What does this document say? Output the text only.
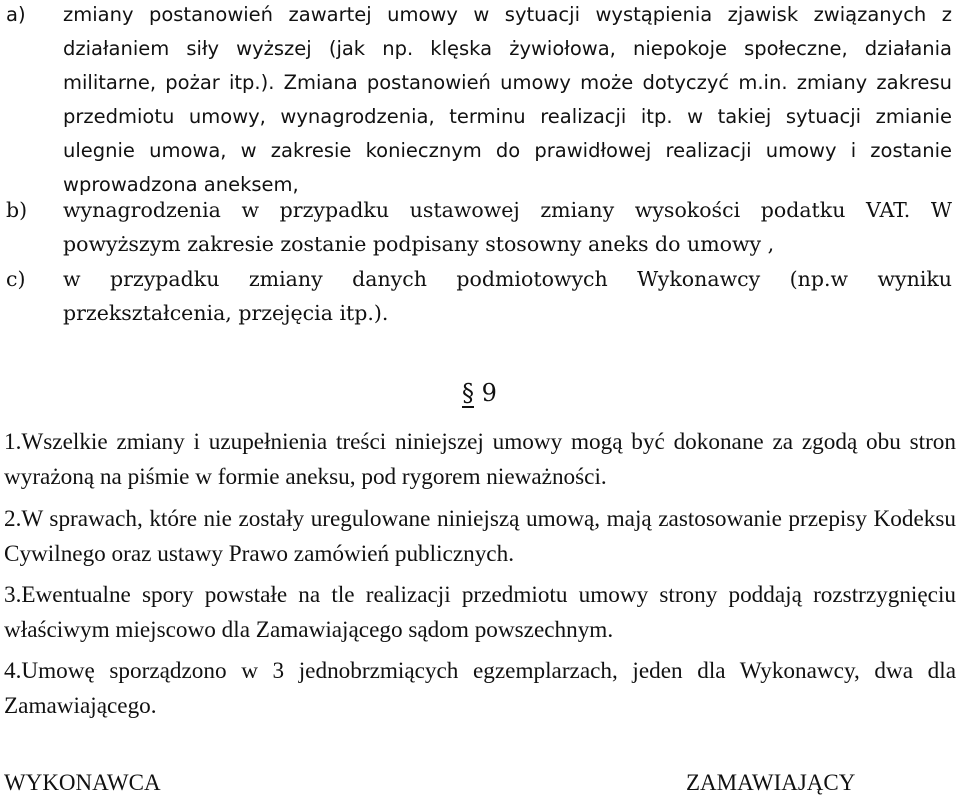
a) zmiany postanowień zawartej umowy w sytuacji wystąpienia zjawisk związanych z działaniem siły wyższej (jak np. klęska żywiołowa, niepokoje społeczne, działania militarne, pożar itp.). Zmiana postanowień umowy może dotyczyć m.in. zmiany zakresu przedmiotu umowy, wynagrodzenia, terminu realizacji itp. w takiej sytuacji zmianie ulegnie umowa, w zakresie koniecznym do prawidłowej realizacji umowy i zostanie wprowadzona aneksem,
b) wynagrodzenia w przypadku ustawowej zmiany wysokości podatku VAT. W powyższym zakresie zostanie podpisany stosowny aneks do umowy ,
c) w przypadku zmiany danych podmiotowych Wykonawcy (np.w wyniku przekształcenia, przejęcia itp.).
§ 9
1.Wszelkie zmiany i uzupełnienia treści niniejszej umowy mogą być dokonane za zgodą obu stron wyrażoną na piśmie w formie aneksu, pod rygorem nieważności.
2.W sprawach, które nie zostały uregulowane niniejszą umową, mają zastosowanie przepisy Kodeksu Cywilnego oraz ustawy Prawo zamówień publicznych.
3.Ewentualne spory powstałe na tle realizacji przedmiotu umowy strony poddają rozstrzygnięciu właściwym miejscowo dla Zamawiającego sądom powszechnym.
4.Umowę sporządzono w 3 jednobrzmiących egzemplarzach, jeden dla Wykonawcy, dwa dla Zamawiającego.
WYKONAWCA	ZAMAWIAJĄCY
